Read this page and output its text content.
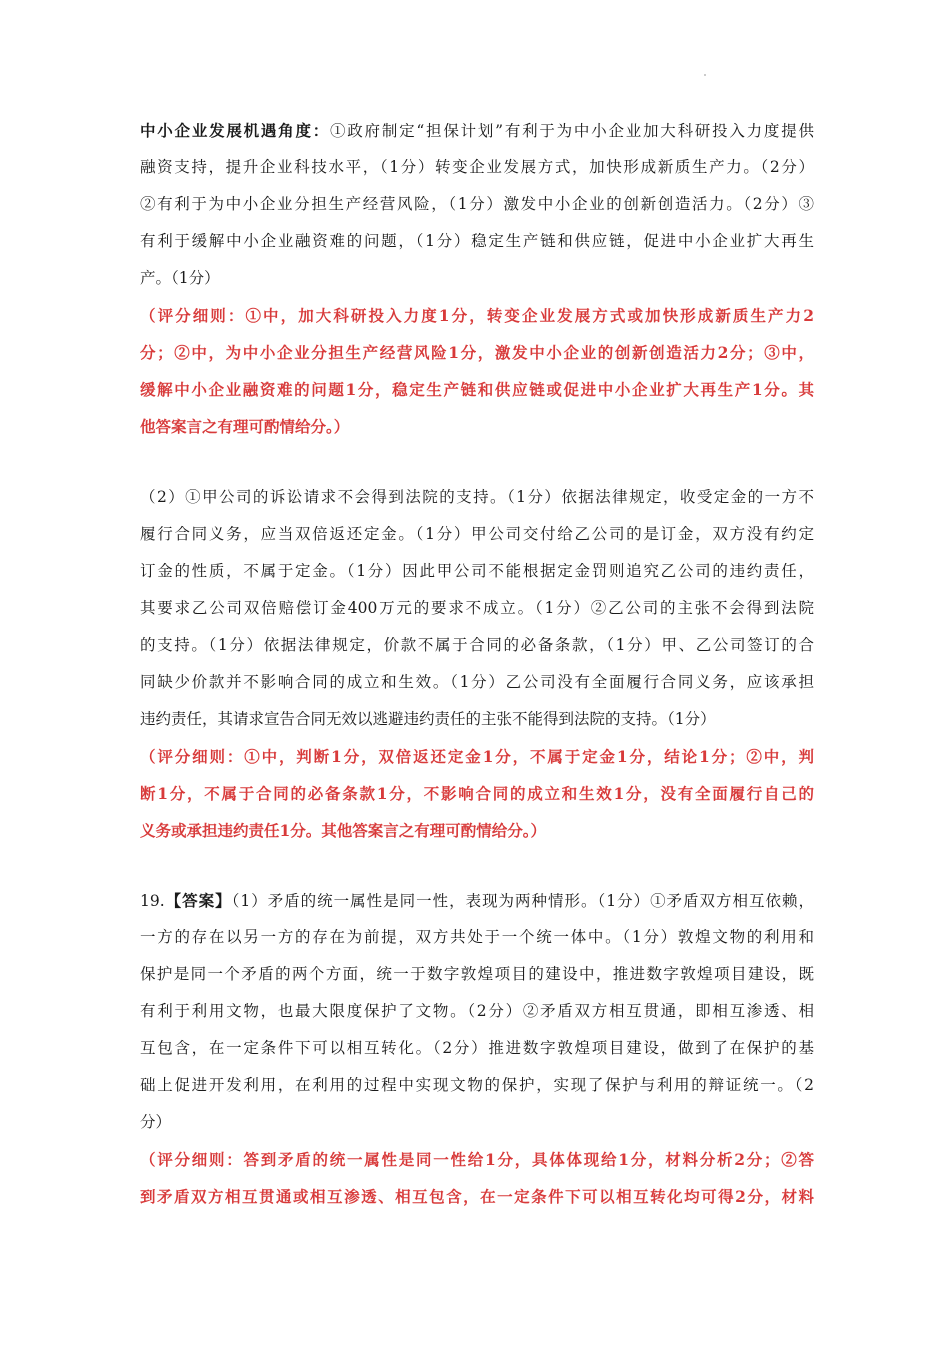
中小企业发展机遇角度：①政府制定“担保计划”有利于为中小企业加大科研投入力度提供
融资支持，提升企业科技水平，（1分）转变企业发展方式，加快形成新质生产力。（2分）
②有利于为中小企业分担生产经营风险，（1分）激发中小企业的创新创造活力。（2分）③
有利于缓解中小企业融资难的问题，（1分）稳定生产链和供应链，促进中小企业扩大再生
产。（1分）
（评分细则：①中，加大科研投入力度1分，转变企业发展方式或加快形成新质生产力2
分；②中，为中小企业分担生产经营风险1分，激发中小企业的创新创造活力2分；③中，
缓解中小企业融资难的问题1分，稳定生产链和供应链或促进中小企业扩大再生产1分。其
他答案言之有理可酌情给分。）
（2）①甲公司的诉讼请求不会得到法院的支持。（1分）依据法律规定，收受定金的一方不
履行合同义务，应当双倍返还定金。（1分）甲公司交付给乙公司的是订金，双方没有约定
订金的性质，不属于定金。（1分）因此甲公司不能根据定金罚则追究乙公司的违约责任，
其要求乙公司双倍赔偿订金400万元的要求不成立。（1分）②乙公司的主张不会得到法院
的支持。（1分）依据法律规定，价款不属于合同的必备条款，（1分）甲、乙公司签订的合
同缺少价款并不影响合同的成立和生效。（1分）乙公司没有全面履行合同义务，应该承担
违约责任，其请求宣告合同无效以逃避违约责任的主张不能得到法院的支持。（1分）
（评分细则：①中，判断1分，双倍返还定金1分，不属于定金1分，结论1分；②中，判
断1分，不属于合同的必备条款1分，不影响合同的成立和生效1分，没有全面履行自己的
义务或承担违约责任1分。其他答案言之有理可酌情给分。）
19.【答案】（1）矛盾的统一属性是同一性，表现为两种情形。（1分）①矛盾双方相互依赖，
一方的存在以另一方的存在为前提，双方共处于一个统一体中。（1分）敦煌文物的利用和
保护是同一个矛盾的两个方面，统一于数字敦煌项目的建设中，推进数字敦煌项目建设，既
有利于利用文物，也最大限度保护了文物。（2分）②矛盾双方相互贯通，即相互渗透、相
互包含，在一定条件下可以相互转化。（2分）推进数字敦煌项目建设，做到了在保护的基
础上促进开发利用，在利用的过程中实现文物的保护，实现了保护与利用的辩证统一。（2
分）
（评分细则：答到矛盾的统一属性是同一性给1分，具体体现给1分，材料分析2分；②答
到矛盾双方相互贯通或相互渗透、相互包含，在一定条件下可以相互转化均可得2分，材料
